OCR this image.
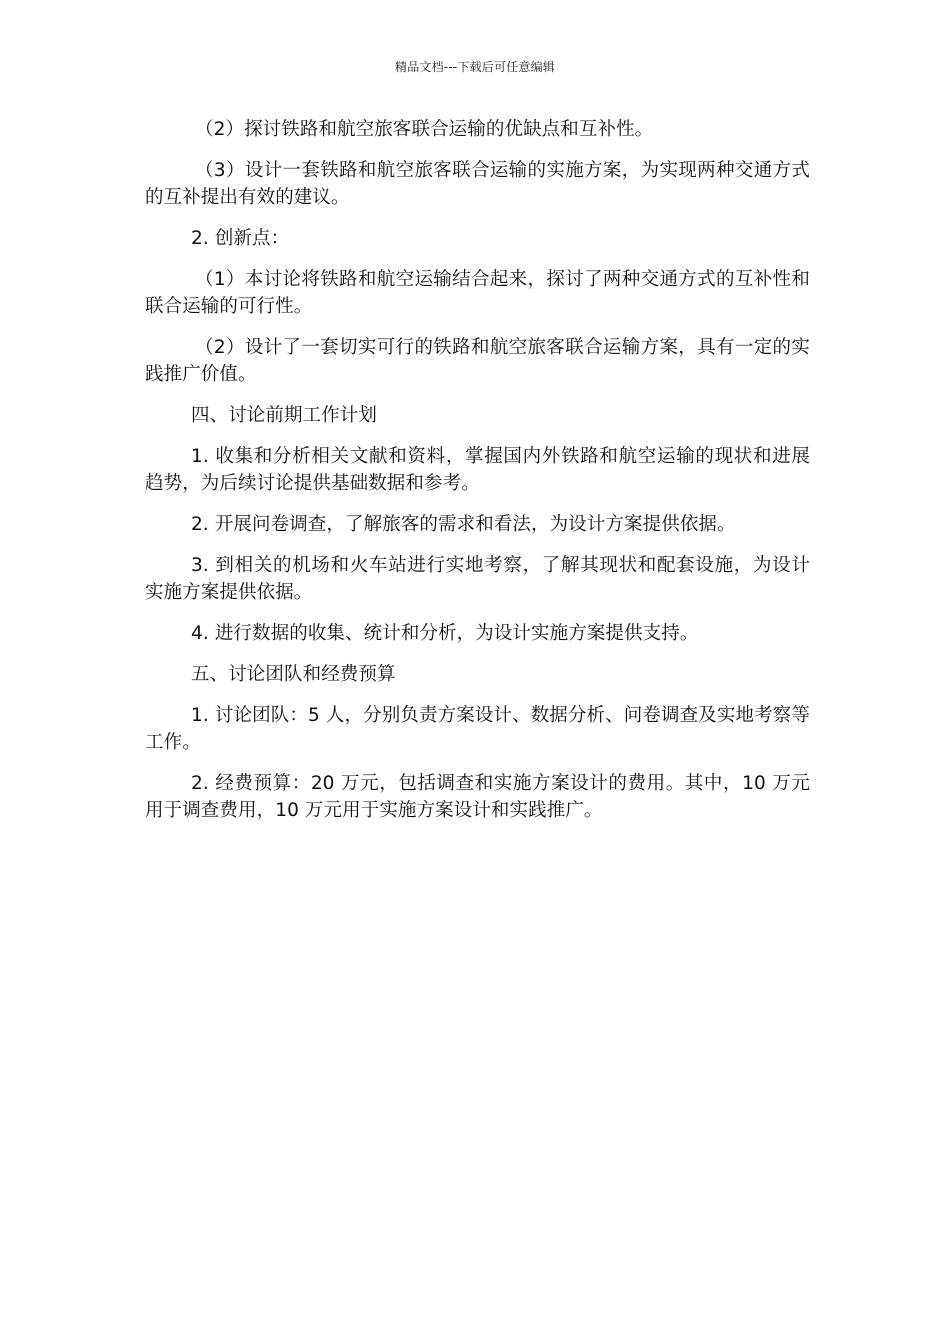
精品文档---下载后可任意编辑

（2）探讨铁路和航空旅客联合运输的优缺点和互补性。

（3）设计一套铁路和航空旅客联合运输的实施方案，为实现两种交通方式的互补提出有效的建议。

2. 创新点：

（1）本讨论将铁路和航空运输结合起来，探讨了两种交通方式的互补性和联合运输的可行性。

（2）设计了一套切实可行的铁路和航空旅客联合运输方案，具有一定的实践推广价值。

四、讨论前期工作计划

1. 收集和分析相关文献和资料，掌握国内外铁路和航空运输的现状和进展趋势，为后续讨论提供基础数据和参考。

2. 开展问卷调查，了解旅客的需求和看法，为设计方案提供依据。

3. 到相关的机场和火车站进行实地考察，了解其现状和配套设施，为设计实施方案提供依据。

4. 进行数据的收集、统计和分析，为设计实施方案提供支持。

五、讨论团队和经费预算

1. 讨论团队：5 人，分别负责方案设计、数据分析、问卷调查及实地考察等工作。

2. 经费预算：20 万元，包括调查和实施方案设计的费用。其中，10 万元用于调查费用，10 万元用于实施方案设计和实践推广。
